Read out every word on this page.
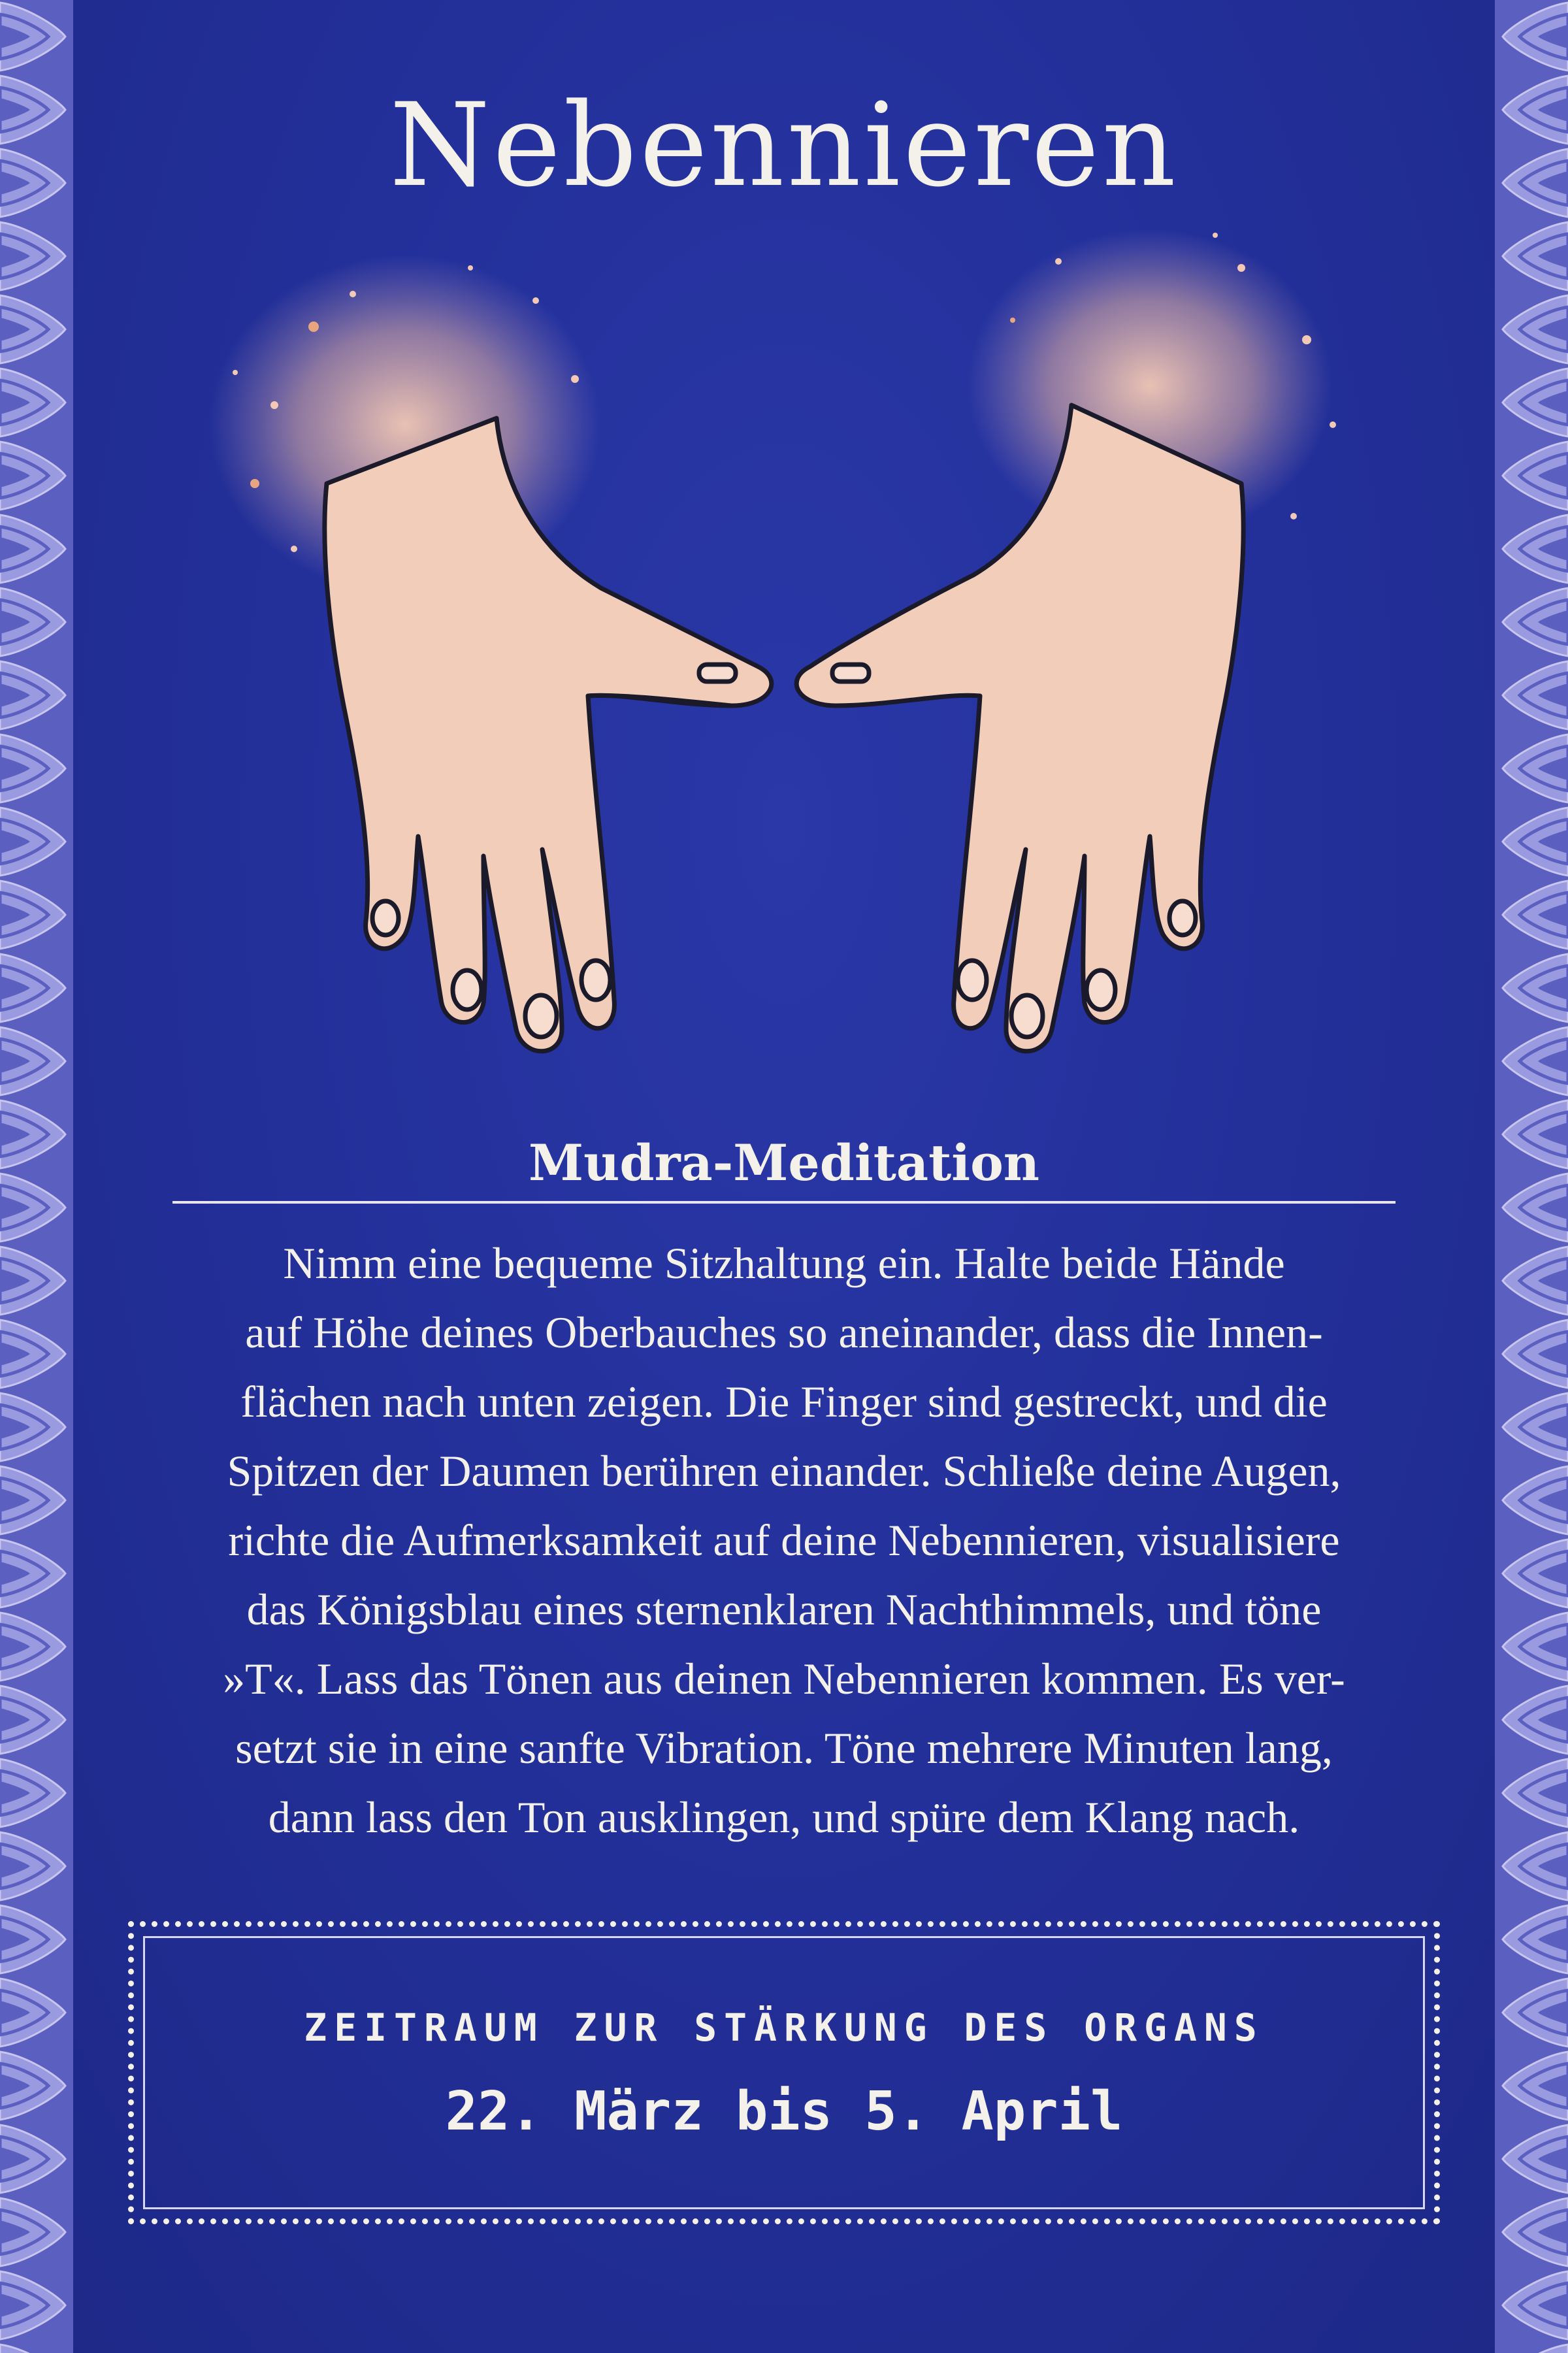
Nebennieren
Mudra-Meditation
Nimm eine bequeme Sitzhaltung ein. Halte beide Hände
auf Höhe deines Oberbauches so aneinander, dass die Innen-
flächen nach unten zeigen. Die Finger sind gestreckt, und die
Spitzen der Daumen berühren einander. Schließe deine Augen,
richte die Aufmerksamkeit auf deine Nebennieren, visualisiere
das Königsblau eines sternenklaren Nachthimmels, und töne
»T«. Lass das Tönen aus deinen Nebennieren kommen. Es ver-
setzt sie in eine sanfte Vibration. Töne mehrere Minuten lang,
dann lass den Ton ausklingen, und spüre dem Klang nach.
ZEITRAUM ZUR STÄRKUNG DES ORGANS
22. März bis 5. April
